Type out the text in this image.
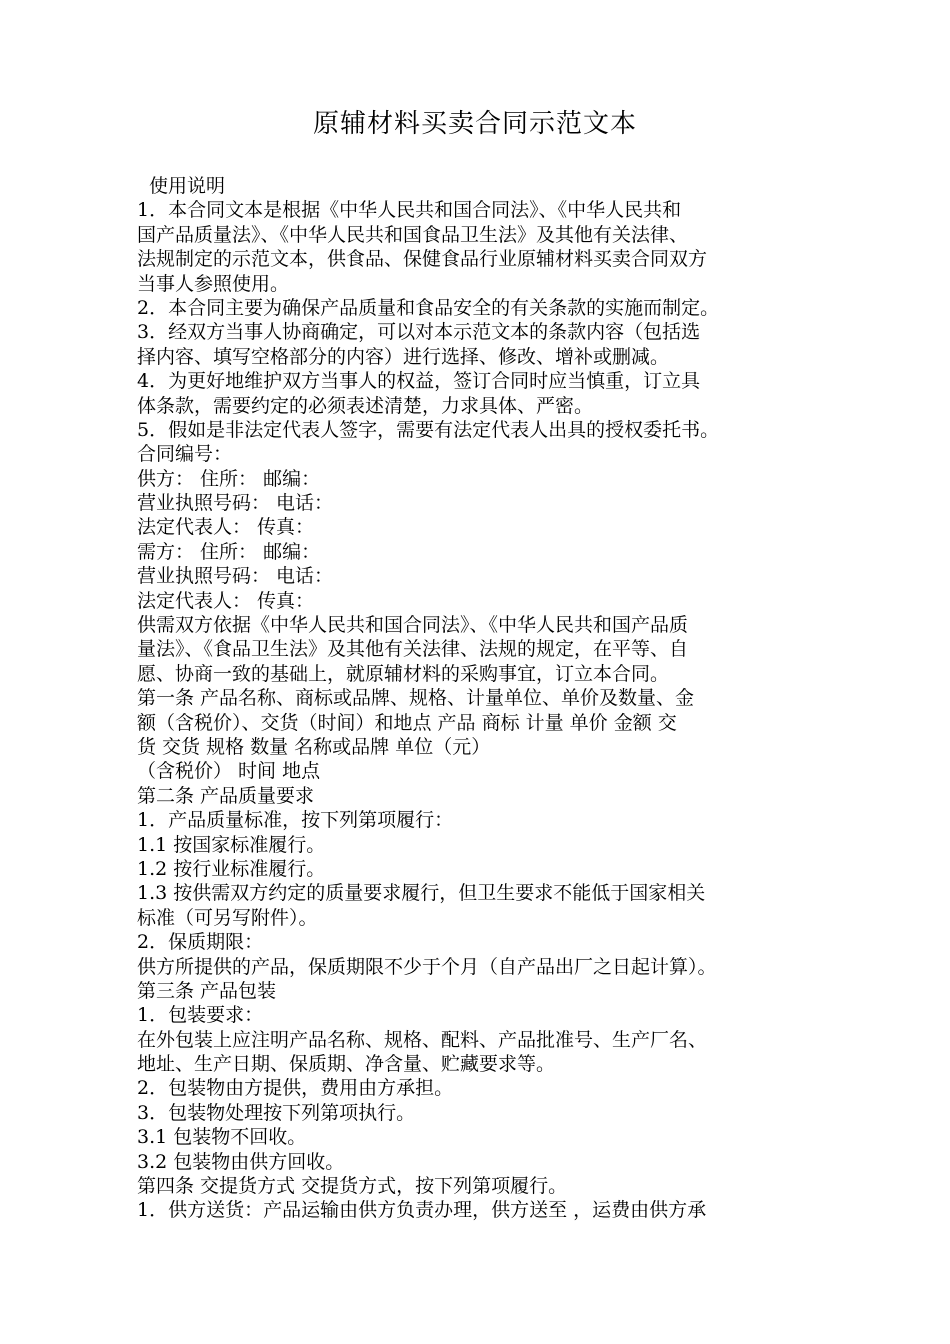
原辅材料买卖合同示范文本
使用说明
1．本合同文本是根据《中华人民共和国合同法》、《中华人民共和
国产品质量法》、《中华人民共和国食品卫生法》及其他有关法律、
法规制定的示范文本，供食品、保健食品行业原辅材料买卖合同双方
当事人参照使用。
2．本合同主要为确保产品质量和食品安全的有关条款的实施而制定。
3．经双方当事人协商确定，可以对本示范文本的条款内容（包括选
择内容、填写空格部分的内容）进行选择、修改、增补或删减。
4．为更好地维护双方当事人的权益，签订合同时应当慎重，订立具
体条款，需要约定的必须表述清楚，力求具体、严密。
5．假如是非法定代表人签字，需要有法定代表人出具的授权委托书。
合同编号：
供方： 住所： 邮编：
营业执照号码： 电话：
法定代表人： 传真：
需方： 住所： 邮编：
营业执照号码： 电话：
法定代表人： 传真：
供需双方依据《中华人民共和国合同法》、《中华人民共和国产品质
量法》、《食品卫生法》及其他有关法律、法规的规定，在平等、自
愿、协商一致的基础上，就原辅材料的采购事宜，订立本合同。
第一条 产品名称、商标或品牌、规格、计量单位、单价及数量、金
额（含税价）、交货（时间）和地点 产品 商标 计量 单价 金额 交
货 交货 规格 数量 名称或品牌 单位（元）
（含税价） 时间 地点
第二条 产品质量要求
1．产品质量标准，按下列第项履行：
1.1 按国家标准履行。
1.2 按行业标准履行。
1.3 按供需双方约定的质量要求履行，但卫生要求不能低于国家相关
标准（可另写附件）。
2．保质期限：
供方所提供的产品，保质期限不少于个月（自产品出厂之日起计算）。
第三条 产品包装
1．包装要求：
在外包装上应注明产品名称、规格、配料、产品批准号、生产厂名、
地址、生产日期、保质期、净含量、贮藏要求等。
2．包装物由方提供，费用由方承担。
3．包装物处理按下列第项执行。
3.1 包装物不回收。
3.2 包装物由供方回收。
第四条 交提货方式 交提货方式，按下列第项履行。
1．供方送货：产品运输由供方负责办理，供方送至 ，运费由供方承
